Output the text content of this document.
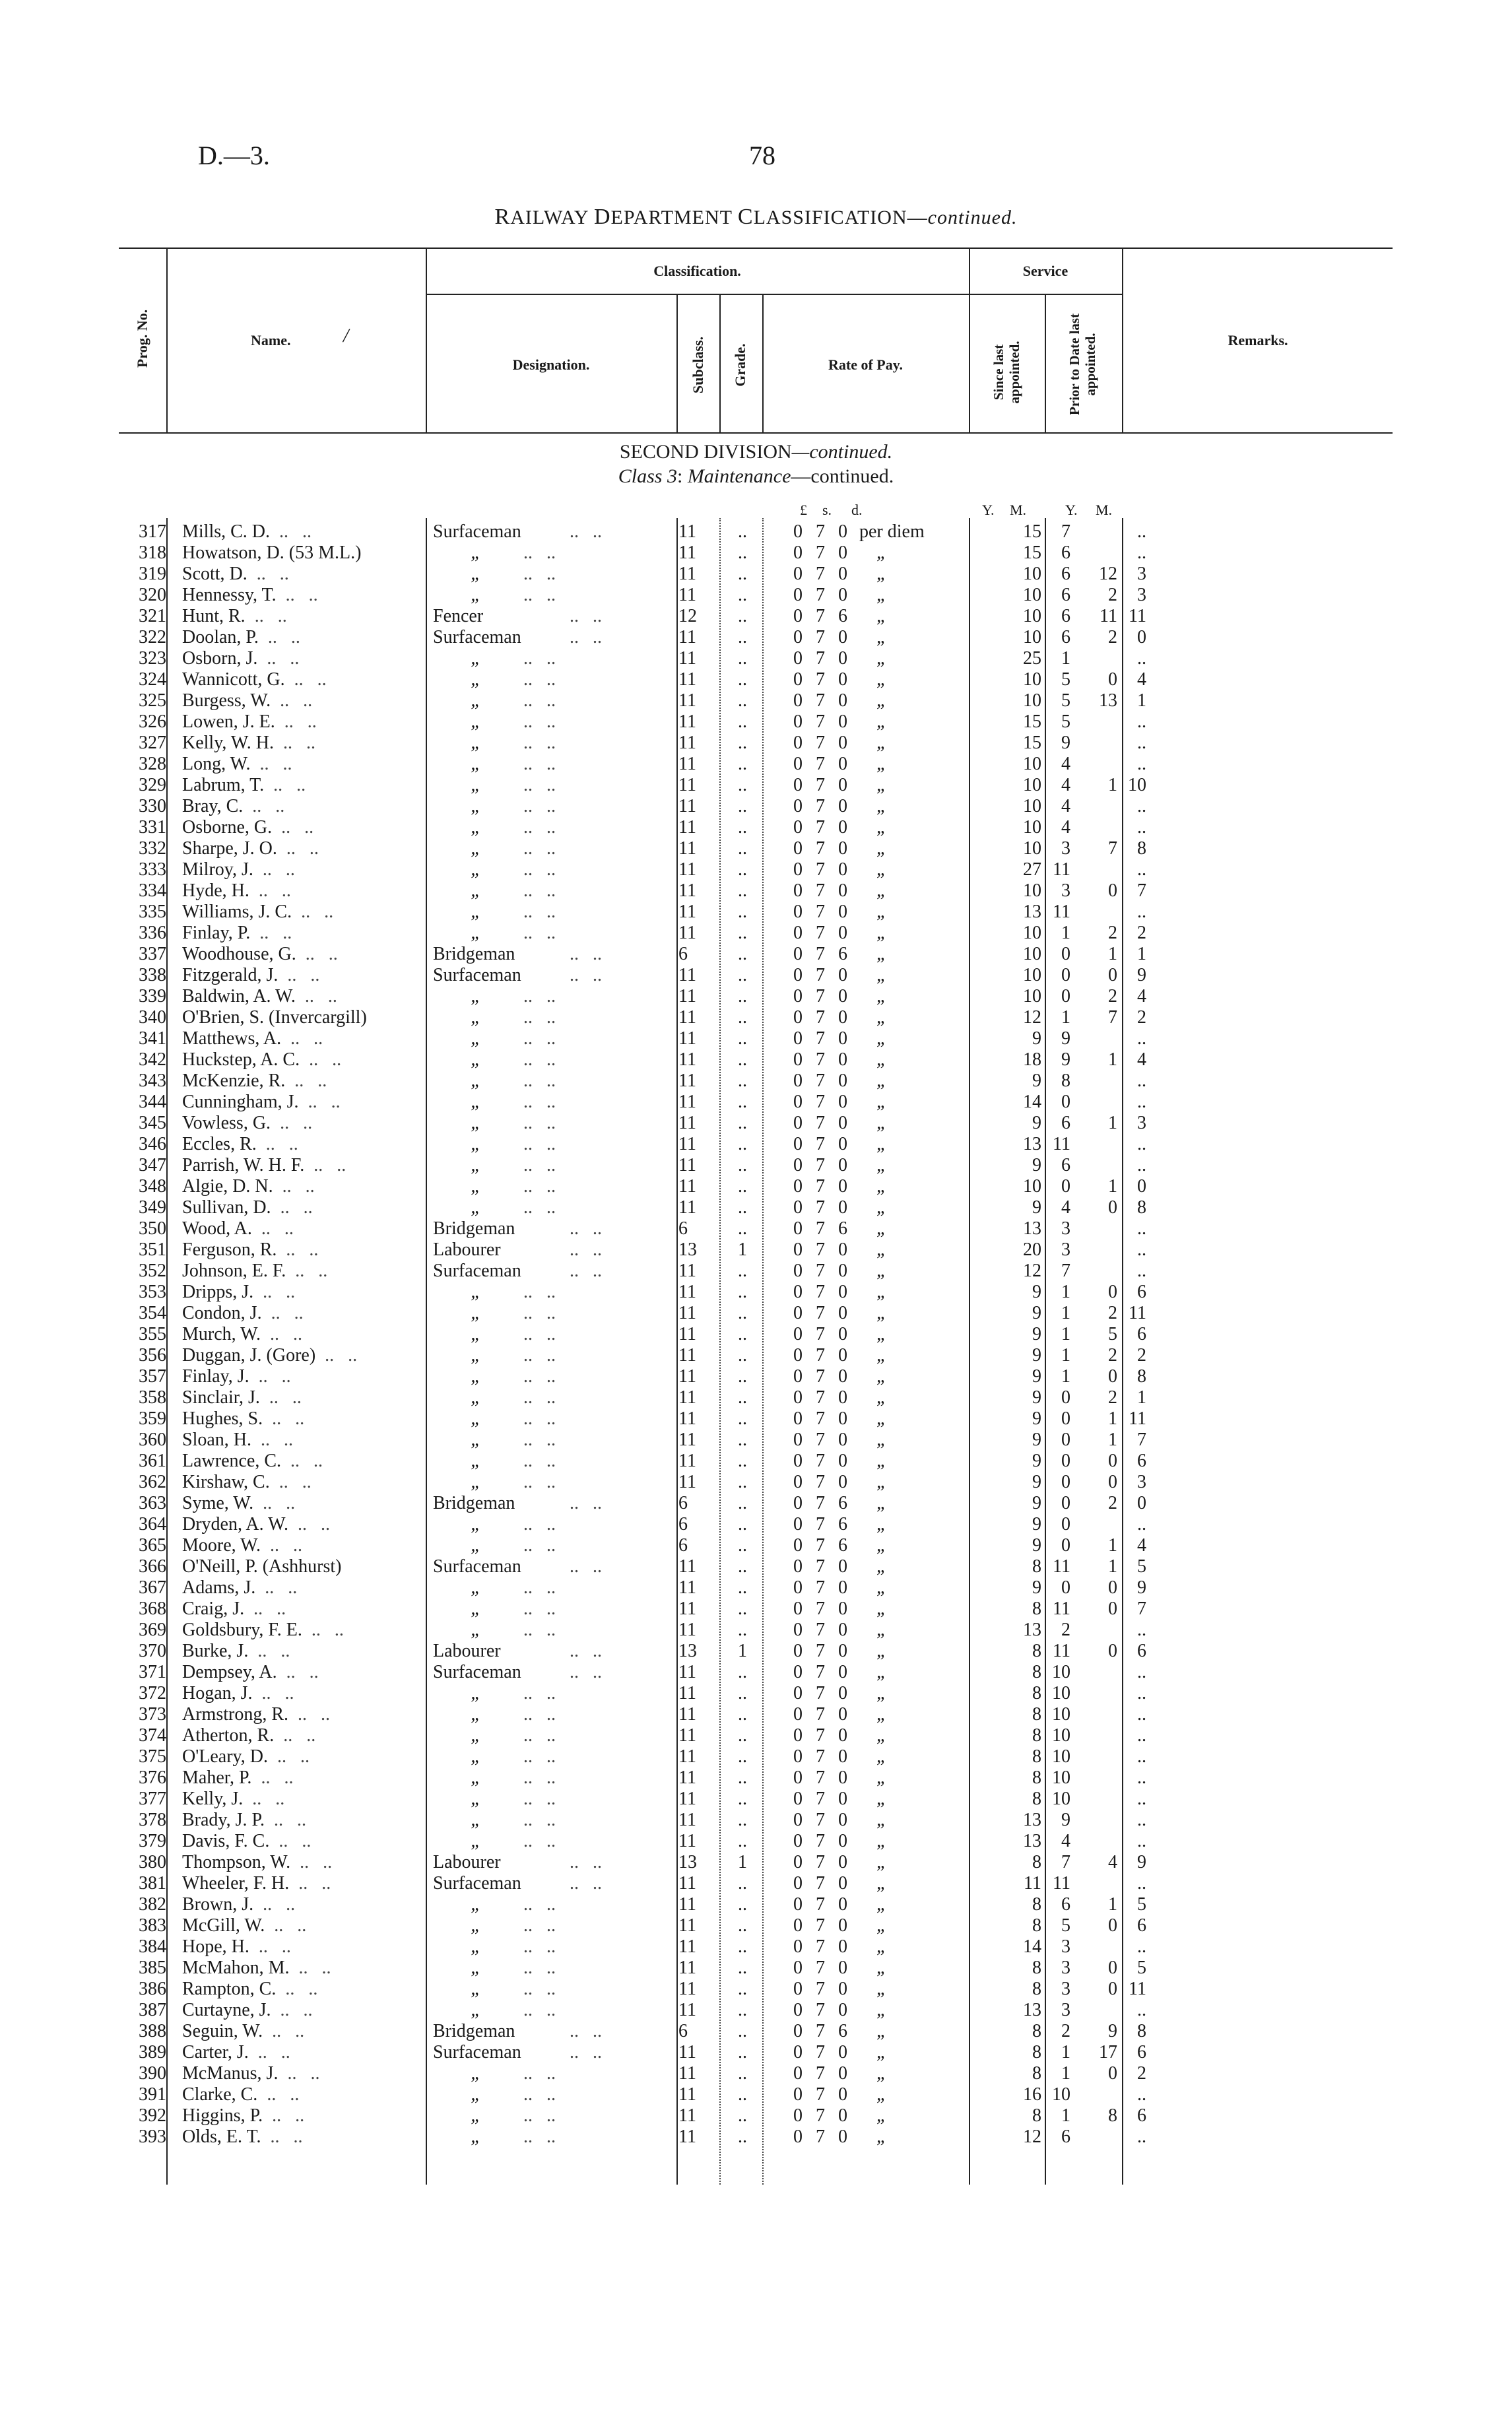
D.—3.	78
RAILWAY DEPARTMENT CLASSIFICATION—continued.
Prog. No.	Name.	/
Classification.
Designation.	Subclass. Grade.	Rate of Pay.
Service
Since last appointed.	Prior to Date last appointed.	Remarks.
SECOND DIVISION—continued.
Class 3: Maintenance—continued.
£ s. d.	Y. M.	Y. M.
317	Mills, C. D.  ..   ..	Surfaceman ..   ..	11	..	0 7 0 per diem	15 7	..
318	Howatson, D. (53 M.L.)	„ ..   ..	11	..	0 7 0 „	15 6	..
319	Scott, D.  ..   ..	„ ..   ..	11	..	0 7 0 „	10 6	12 3
320	Hennessy, T.  ..   ..	„ ..   ..	11	..	0 7 0 „	10 6	2 3
321	Hunt, R.  ..   ..	Fencer ..   ..	12	..	0 7 6 „	10 6	11 11
322	Doolan, P.  ..   ..	Surfaceman ..   ..	11	..	0 7 0 „	10 6	2 0
323	Osborn, J.  ..   ..	„ ..   ..	11	..	0 7 0 „	25 1	..
324	Wannicott, G.  ..   ..	„ ..   ..	11	..	0 7 0 „	10 5	0 4
325	Burgess, W.  ..   ..	„ ..   ..	11	..	0 7 0 „	10 5	13 1
326	Lowen, J. E.  ..   ..	„ ..   ..	11	..	0 7 0 „	15 5	..
327	Kelly, W. H.  ..   ..	„ ..   ..	11	..	0 7 0 „	15 9	..
328	Long, W.  ..   ..	„ ..   ..	11	..	0 7 0 „	10 4	..
329	Labrum, T.  ..   ..	„ ..   ..	11	..	0 7 0 „	10 4	1 10
330	Bray, C.  ..   ..	„ ..   ..	11	..	0 7 0 „	10 4	..
331	Osborne, G.  ..   ..	„ ..   ..	11	..	0 7 0 „	10 4	..
332	Sharpe, J. O.  ..   ..	„ ..   ..	11	..	0 7 0 „	10 3	7 8
333	Milroy, J.  ..   ..	„ ..   ..	11	..	0 7 0 „	27 11	..
334	Hyde, H.  ..   ..	„ ..   ..	11	..	0 7 0 „	10 3	0 7
335	Williams, J. C.  ..   ..	„ ..   ..	11	..	0 7 0 „	13 11	..
336	Finlay, P.  ..   ..	„ ..   ..	11	..	0 7 0 „	10 1	2 2
337	Woodhouse, G.  ..   ..	Bridgeman ..   ..	6	..	0 7 6 „	10 0	1 1
338	Fitzgerald, J.  ..   ..	Surfaceman ..   ..	11	..	0 7 0 „	10 0	0 9
339	Baldwin, A. W.  ..   ..	„ ..   ..	11	..	0 7 0 „	10 0	2 4
340	O'Brien, S. (Invercargill)	„ ..   ..	11	..	0 7 0 „	12 1	7 2
341	Matthews, A.  ..   ..	„ ..   ..	11	..	0 7 0 „	9 9	..
342	Huckstep, A. C.  ..   ..	„ ..   ..	11	..	0 7 0 „	18 9	1 4
343	McKenzie, R.  ..   ..	„ ..   ..	11	..	0 7 0 „	9 8	..
344	Cunningham, J.  ..   ..	„ ..   ..	11	..	0 7 0 „	14 0	..
345	Vowless, G.  ..   ..	„ ..   ..	11	..	0 7 0 „	9 6	1 3
346	Eccles, R.  ..   ..	„ ..   ..	11	..	0 7 0 „	13 11	..
347	Parrish, W. H. F.  ..   ..	„ ..   ..	11	..	0 7 0 „	9 6	..
348	Algie, D. N.  ..   ..	„ ..   ..	11	..	0 7 0 „	10 0	1 0
349	Sullivan, D.  ..   ..	„ ..   ..	11	..	0 7 0 „	9 4	0 8
350	Wood, A.  ..   ..	Bridgeman ..   ..	6	..	0 7 6 „	13 3	..
351	Ferguson, R.  ..   ..	Labourer ..   ..	13	1	0 7 0 „	20 3	..
352	Johnson, E. F.  ..   ..	Surfaceman ..   ..	11	..	0 7 0 „	12 7	..
353	Dripps, J.  ..   ..	„ ..   ..	11	..	0 7 0 „	9 1	0 6
354	Condon, J.  ..   ..	„ ..   ..	11	..	0 7 0 „	9 1	2 11
355	Murch, W.  ..   ..	„ ..   ..	11	..	0 7 0 „	9 1	5 6
356	Duggan, J. (Gore)  ..   ..	„ ..   ..	11	..	0 7 0 „	9 1	2 2
357	Finlay, J.  ..   ..	„ ..   ..	11	..	0 7 0 „	9 1	0 8
358	Sinclair, J.  ..   ..	„ ..   ..	11	..	0 7 0 „	9 0	2 1
359	Hughes, S.  ..   ..	„ ..   ..	11	..	0 7 0 „	9 0	1 11
360	Sloan, H.  ..   ..	„ ..   ..	11	..	0 7 0 „	9 0	1 7
361	Lawrence, C.  ..   ..	„ ..   ..	11	..	0 7 0 „	9 0	0 6
362	Kirshaw, C.  ..   ..	„ ..   ..	11	..	0 7 0 „	9 0	0 3
363	Syme, W.  ..   ..	Bridgeman ..   ..	6	..	0 7 6 „	9 0	2 0
364	Dryden, A. W.  ..   ..	„ ..   ..	6	..	0 7 6 „	9 0	..
365	Moore, W.  ..   ..	„ ..   ..	6	..	0 7 6 „	9 0	1 4
366	O'Neill, P. (Ashhurst)	Surfaceman ..   ..	11	..	0 7 0 „	8 11	1 5
367	Adams, J.  ..   ..	„ ..   ..	11	..	0 7 0 „	9 0	0 9
368	Craig, J.  ..   ..	„ ..   ..	11	..	0 7 0 „	8 11	0 7
369	Goldsbury, F. E.  ..   ..	„ ..   ..	11	..	0 7 0 „	13 2	..
370	Burke, J.  ..   ..	Labourer ..   ..	13	1	0 7 0 „	8 11	0 6
371	Dempsey, A.  ..   ..	Surfaceman ..   ..	11	..	0 7 0 „	8 10	..
372	Hogan, J.  ..   ..	„ ..   ..	11	..	0 7 0 „	8 10	..
373	Armstrong, R.  ..   ..	„ ..   ..	11	..	0 7 0 „	8 10	..
374	Atherton, R.  ..   ..	„ ..   ..	11	..	0 7 0 „	8 10	..
375	O'Leary, D.  ..   ..	„ ..   ..	11	..	0 7 0 „	8 10	..
376	Maher, P.  ..   ..	„ ..   ..	11	..	0 7 0 „	8 10	..
377	Kelly, J.  ..   ..	„ ..   ..	11	..	0 7 0 „	8 10	..
378	Brady, J. P.  ..   ..	„ ..   ..	11	..	0 7 0 „	13 9	..
379	Davis, F. C.  ..   ..	„ ..   ..	11	..	0 7 0 „	13 4	..
380	Thompson, W.  ..   ..	Labourer ..   ..	13	1	0 7 0 „	8 7	4 9
381	Wheeler, F. H.  ..   ..	Surfaceman ..   ..	11	..	0 7 0 „	11 11	..
382	Brown, J.  ..   ..	„ ..   ..	11	..	0 7 0 „	8 6	1 5
383	McGill, W.  ..   ..	„ ..   ..	11	..	0 7 0 „	8 5	0 6
384	Hope, H.  ..   ..	„ ..   ..	11	..	0 7 0 „	14 3	..
385	McMahon, M.  ..   ..	„ ..   ..	11	..	0 7 0 „	8 3	0 5
386	Rampton, C.  ..   ..	„ ..   ..	11	..	0 7 0 „	8 3	0 11
387	Curtayne, J.  ..   ..	„ ..   ..	11	..	0 7 0 „	13 3	..
388	Seguin, W.  ..   ..	Bridgeman ..   ..	6	..	0 7 6 „	8 2	9 8
389	Carter, J.  ..   ..	Surfaceman ..   ..	11	..	0 7 0 „	8 1	17 6
390	McManus, J.  ..   ..	„ ..   ..	11	..	0 7 0 „	8 1	0 2
391	Clarke, C.  ..   ..	„ ..   ..	11	..	0 7 0 „	16 10	..
392	Higgins, P.  ..   ..	„ ..   ..	11	..	0 7 0 „	8 1	8 6
393	Olds, E. T.  ..   ..	„ ..   ..	11	..	0 7 0 „	12 6	..
